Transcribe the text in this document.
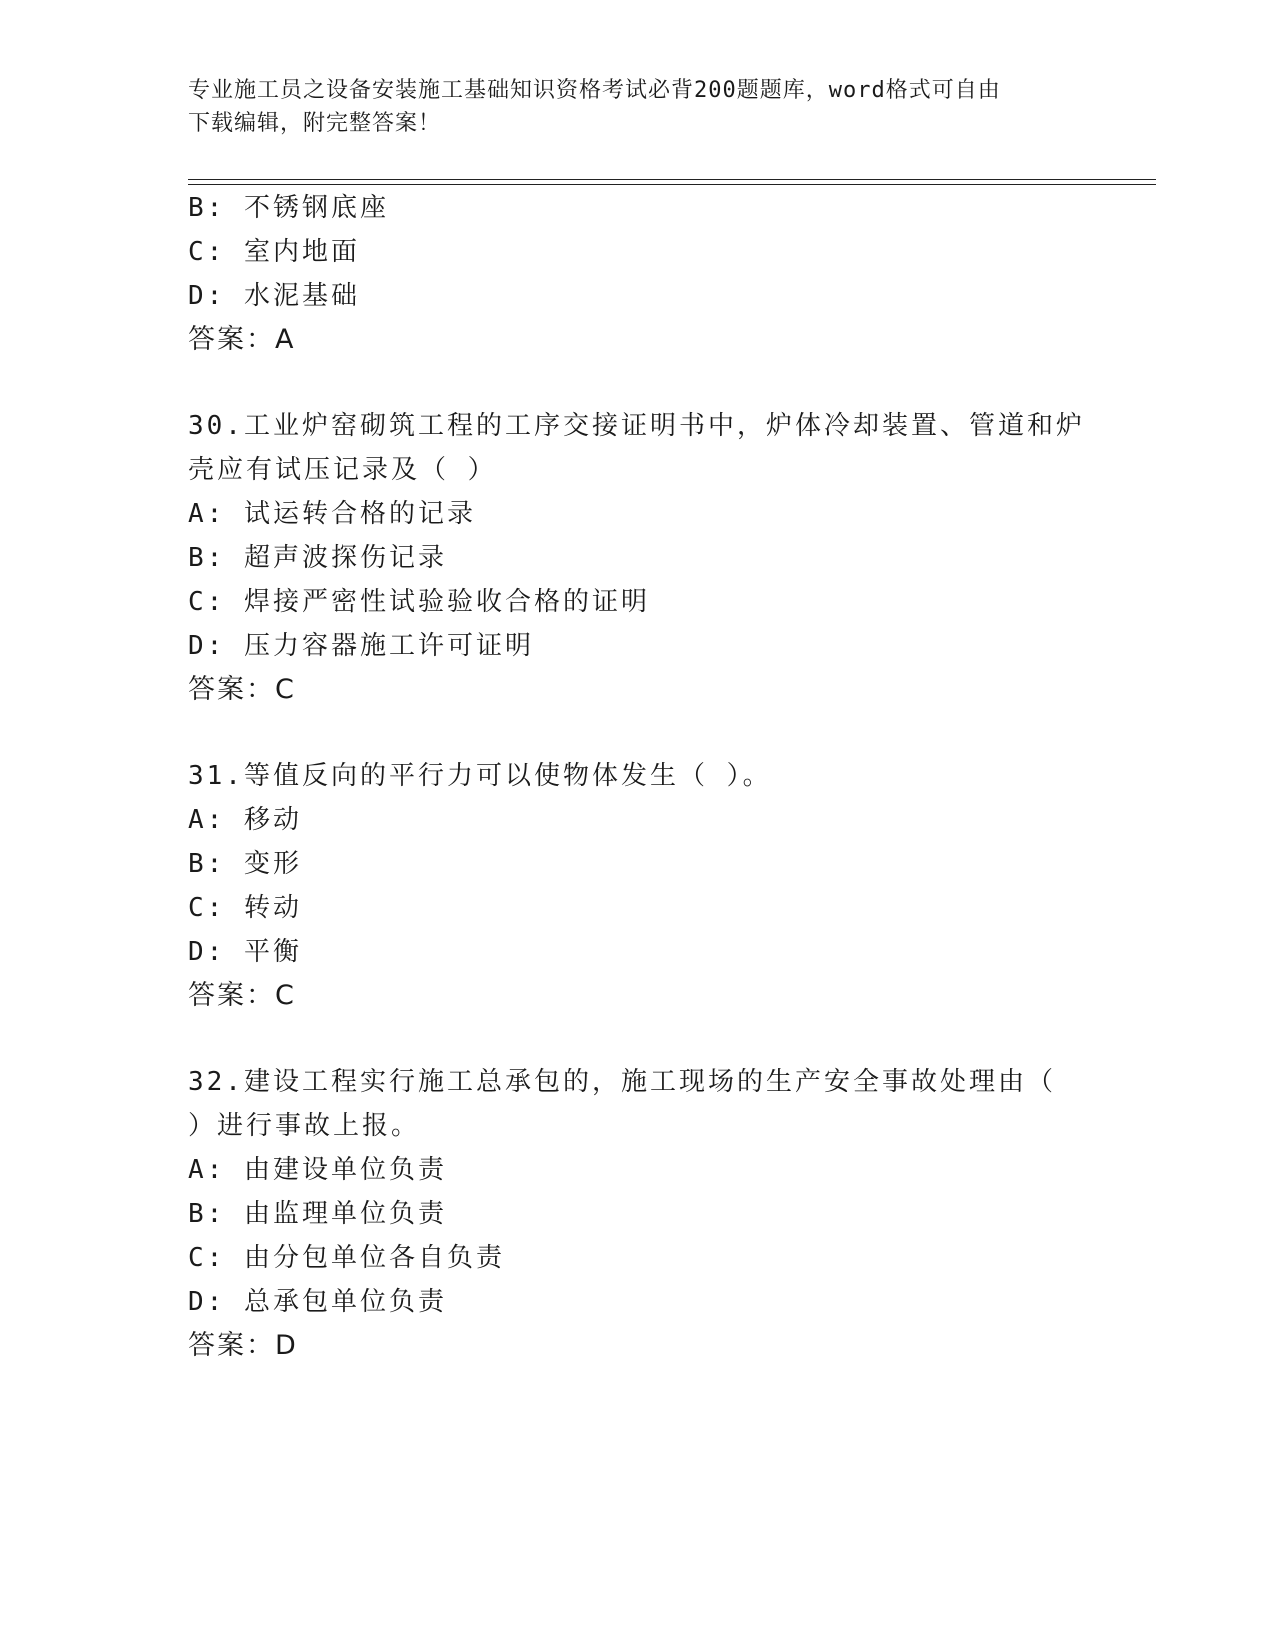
专业施工员之设备安装施工基础知识资格考试必背200题题库，word格式可自由
下载编辑，附完整答案！
B: 不锈钢底座
C: 室内地面
D: 水泥基础
答案：A
30.工业炉窑砌筑工程的工序交接证明书中，炉体冷却装置、管道和炉
壳应有试压记录及（ ）
A: 试运转合格的记录
B: 超声波探伤记录
C: 焊接严密性试验验收合格的证明
D: 压力容器施工许可证明
答案：C
31.等值反向的平行力可以使物体发生（ ）。
A: 移动
B: 变形
C: 转动
D: 平衡
答案：C
32.建设工程实行施工总承包的，施工现场的生产安全事故处理由（
）进行事故上报。
A: 由建设单位负责
B: 由监理单位负责
C: 由分包单位各自负责
D: 总承包单位负责
答案：D
